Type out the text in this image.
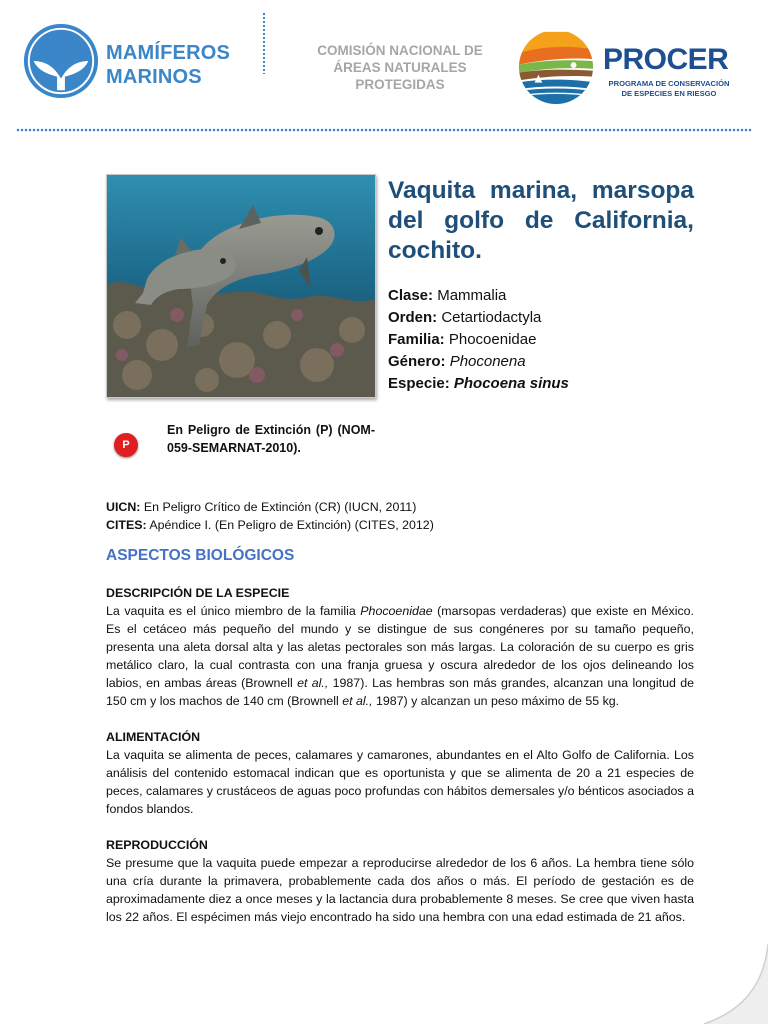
MAMÍFEROS
MARINOS
COMISIÓN NACIONAL DE
ÁREAS NATURALES
PROTEGIDAS
PROCER
PROGRAMA DE CONSERVACIÓN
DE ESPECIES EN RIESGO
Vaquita marina, marsopa del golfo de California, cochito.
Clase: Mammalia
Orden: Cetartiodactyla
Familia: Phocoenidae
Género: Phoconena
Especie: Phocoena sinus
P
En Peligro de Extinción (P) (NOM-059-SEMARNAT-2010).

UICN: En Peligro Crítico de Extinción (CR) (IUCN, 2011)

CITES: Apéndice I. (En Peligro de Extinción) (CITES, 2012)

ASPECTOS BIOLÓGICOS

DESCRIPCIÓN DE LA ESPECIE

La vaquita es el único miembro de la familia Phocoenidae (marsopas verdaderas) que existe en México. Es el cetáceo más pequeño del mundo y se distingue de sus congéneres por su tamaño pequeño, presenta una aleta dorsal alta y las aletas pectorales son más largas. La coloración de su cuerpo es gris metálico claro, la cual contrasta con una franja gruesa y oscura alrededor de los ojos delineando los labios, en ambas áreas (Brownell et al., 1987). Las hembras son más grandes, alcanzan una longitud de 150 cm y los machos de 140 cm (Brownell et al., 1987) y alcanzan un peso máximo de 55 kg.

ALIMENTACIÓN

La vaquita se alimenta de peces, calamares y camarones, abundantes en el Alto Golfo de California. Los análisis del contenido estomacal indican que es oportunista y que se alimenta de 20 a 21 especies de peces, calamares y crustáceos de aguas poco profundas con hábitos demersales y/o bénticos asociados a fondos blandos.

REPRODUCCIÓN

Se presume que la vaquita puede empezar a reproducirse alrededor de los 6 años. La hembra tiene sólo una cría durante la primavera, probablemente cada dos años o más. El período de gestación es de aproximadamente diez a once meses y la lactancia dura probablemente 8 meses. Se cree que viven hasta los 22 años. El espécimen más viejo encontrado ha sido una hembra con una edad estimada de 21 años.
